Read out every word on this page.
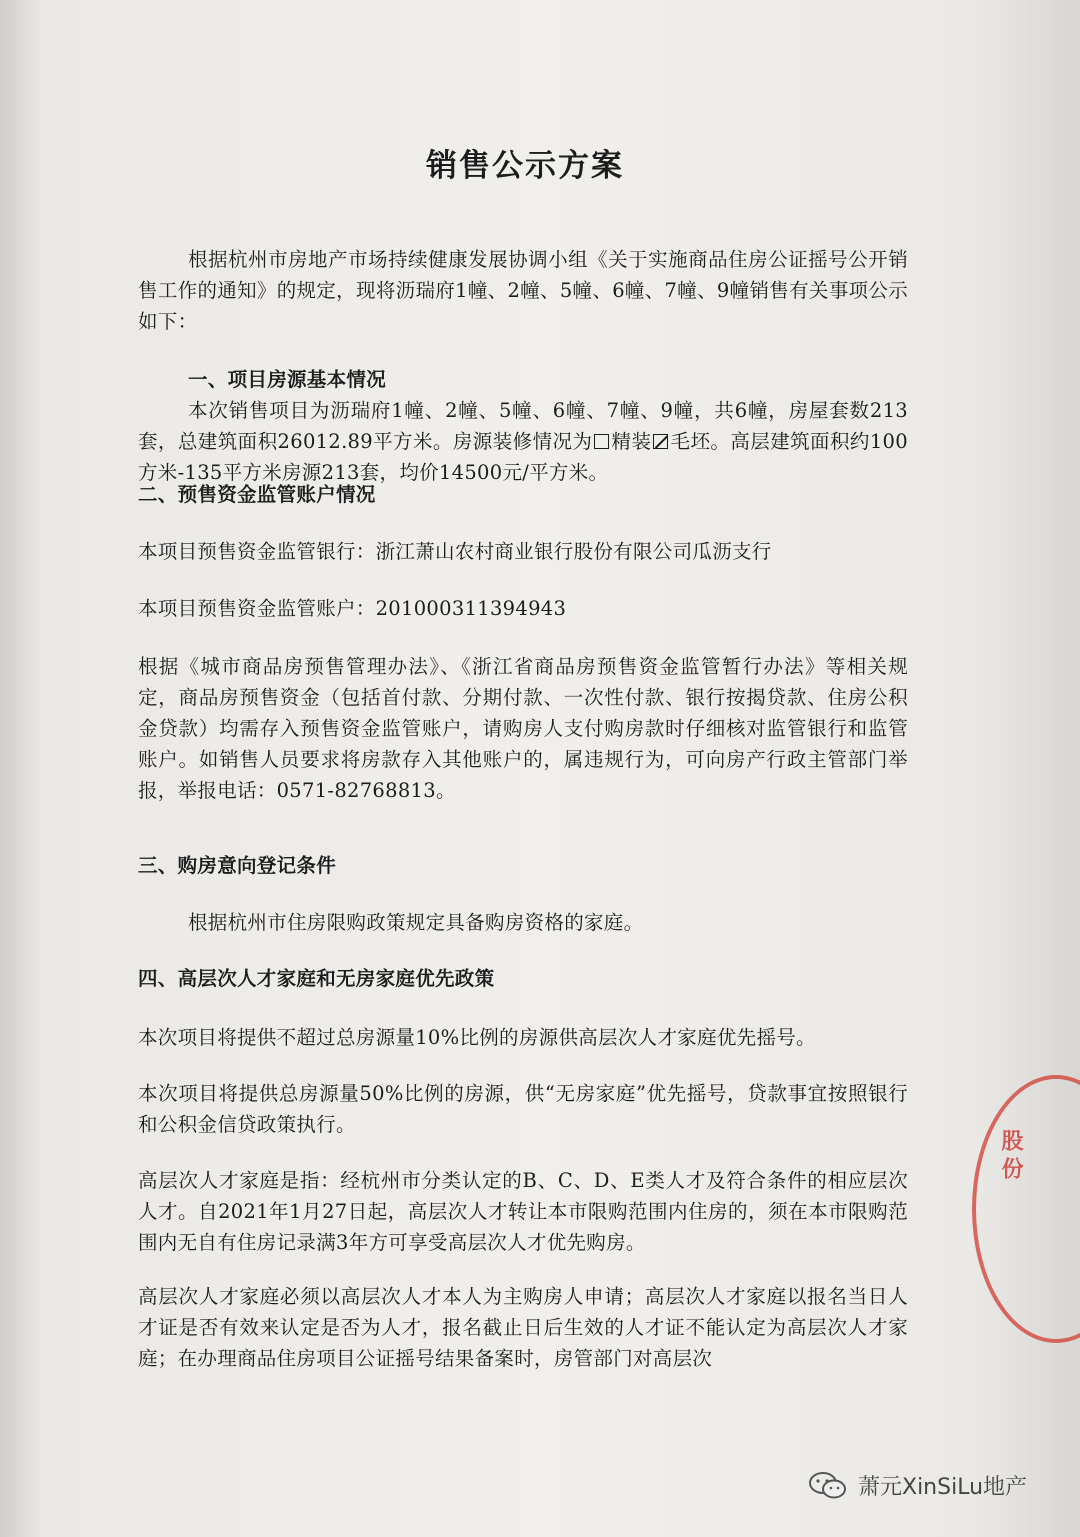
销售公示方案

根据杭州市房地产市场持续健康发展协调小组《关于实施商品住房公证摇号公开销售工作的通知》的规定，现将沥瑞府1幢、2幢、5幢、6幢、7幢、9幢销售有关事项公示如下：

一、项目房源基本情况

本次销售项目为沥瑞府1幢、2幢、5幢、6幢、7幢、9幢，共6幢，房屋套数213套，总建筑面积26012.89平方米。房源装修情况为 精装 毛坯。高层建筑面积约100方米-135平方米房源213套，均价14500元/平方米。

二、预售资金监管账户情况

本项目预售资金监管银行：浙江萧山农村商业银行股份有限公司瓜沥支行

本项目预售资金监管账户：201000311394943

根据《城市商品房预售管理办法》、《浙江省商品房预售资金监管暂行办法》等相关规定，商品房预售资金（包括首付款、分期付款、一次性付款、银行按揭贷款、住房公积金贷款）均需存入预售资金监管账户，请购房人支付购房款时仔细核对监管银行和监管账户。如销售人员要求将房款存入其他账户的，属违规行为，可向房产行政主管部门举报，举报电话：0571-82768813。

三、购房意向登记条件

根据杭州市住房限购政策规定具备购房资格的家庭。

四、高层次人才家庭和无房家庭优先政策

本次项目将提供不超过总房源量10%比例的房源供高层次人才家庭优先摇号。

本次项目将提供总房源量50%比例的房源，供“无房家庭”优先摇号，贷款事宜按照银行和公积金信贷政策执行。

高层次人才家庭是指：经杭州市分类认定的B、C、D、E类人才及符合条件的相应层次人才。自2021年1月27日起，高层次人才转让本市限购范围内住房的，须在本市限购范围内无自有住房记录满3年方可享受高层次人才优先购房。

高层次人才家庭必须以高层次人才本人为主购房人申请；高层次人才家庭以报名当日人才证是否有效来认定是否为人才，报名截止日后生效的人才证不能认定为高层次人才家庭；在办理商品住房项目公证摇号结果备案时，房管部门对高层次

股份
萧元XinSiLu地产
